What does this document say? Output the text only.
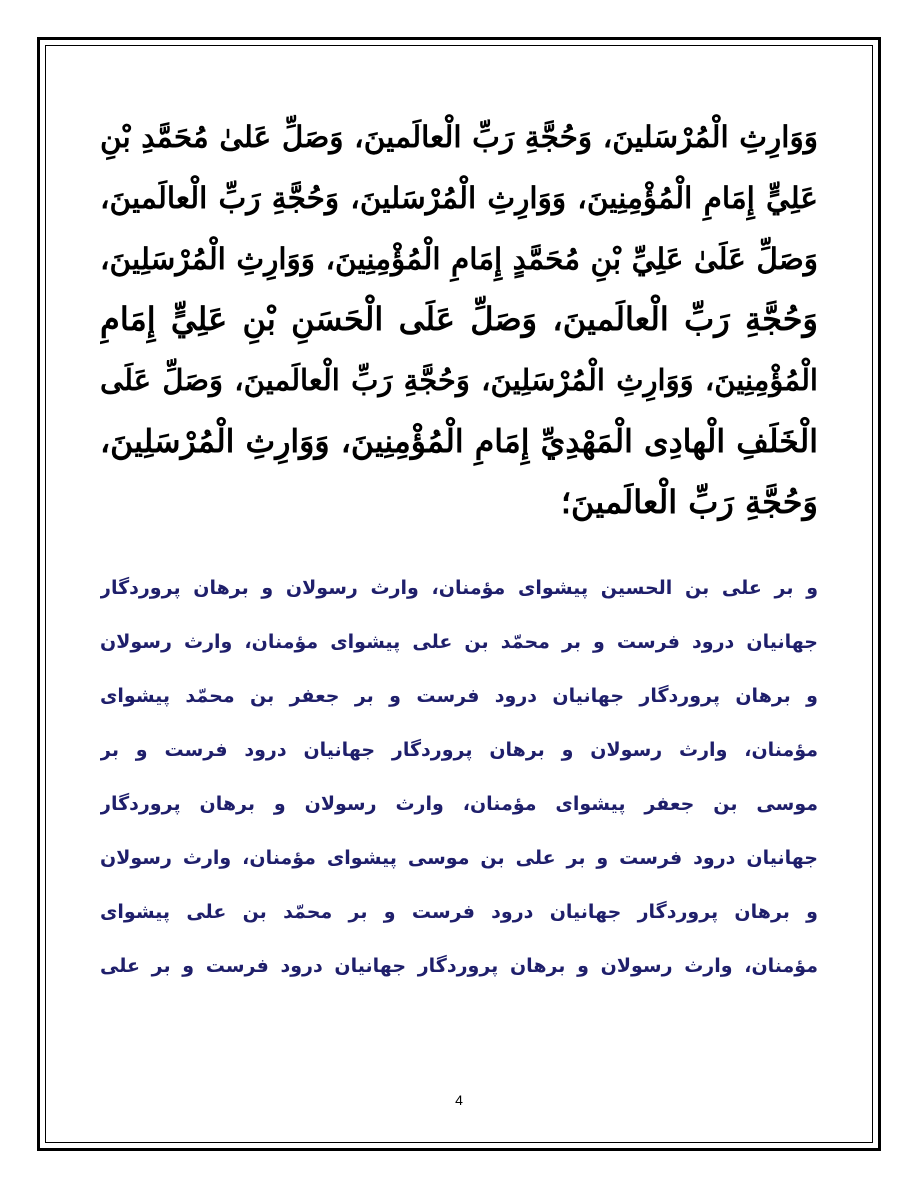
وَوَارِثِ الْمُرْسَلينَ، وَحُجَّةِ رَبِّ الْعالَمينَ، وَصَلِّ عَلىٰ مُحَمَّدِ بْنِ
عَلِيٍّ إِمَامِ الْمُؤْمِنِينَ، وَوَارِثِ الْمُرْسَلينَ، وَحُجَّةِ رَبِّ الْعالَمينَ،
وَصَلِّ عَلَىٰ عَلِيِّ بْنِ مُحَمَّدٍ إِمَامِ الْمُؤْمِنِينَ، وَوَارِثِ الْمُرْسَلِينَ،
وَحُجَّةِ رَبِّ الْعالَمينَ، وَصَلِّ عَلَى الْحَسَنِ بْنِ عَلِيٍّ إِمَامِ
الْمُؤْمِنِينَ، وَوَارِثِ الْمُرْسَلِينَ، وَحُجَّةِ رَبِّ الْعالَمينَ، وَصَلِّ عَلَى
الْخَلَفِ الْهادِى الْمَهْدِيِّ إِمَامِ الْمُؤْمِنِينَ، وَوَارِثِ الْمُرْسَلِينَ،
وَحُجَّةِ رَبِّ الْعالَمينَ؛
و بر علی بن الحسین پیشوای مؤمنان، وارث رسولان و برهان پروردگار
جهانیان درود فرست و بر محمّد بن علی پیشوای مؤمنان، وارث رسولان
و برهان پروردگار جهانیان درود فرست و بر جعفر بن محمّد پیشوای
مؤمنان، وارث رسولان و برهان پروردگار جهانیان درود فرست و بر
موسی بن جعفر پیشوای مؤمنان، وارث رسولان و برهان پروردگار
جهانیان درود فرست و بر علی بن موسی پیشوای مؤمنان، وارث رسولان
و برهان پروردگار جهانیان درود فرست و بر محمّد بن علی پیشوای
مؤمنان، وارث رسولان و برهان پروردگار جهانیان درود فرست و بر علی
4
